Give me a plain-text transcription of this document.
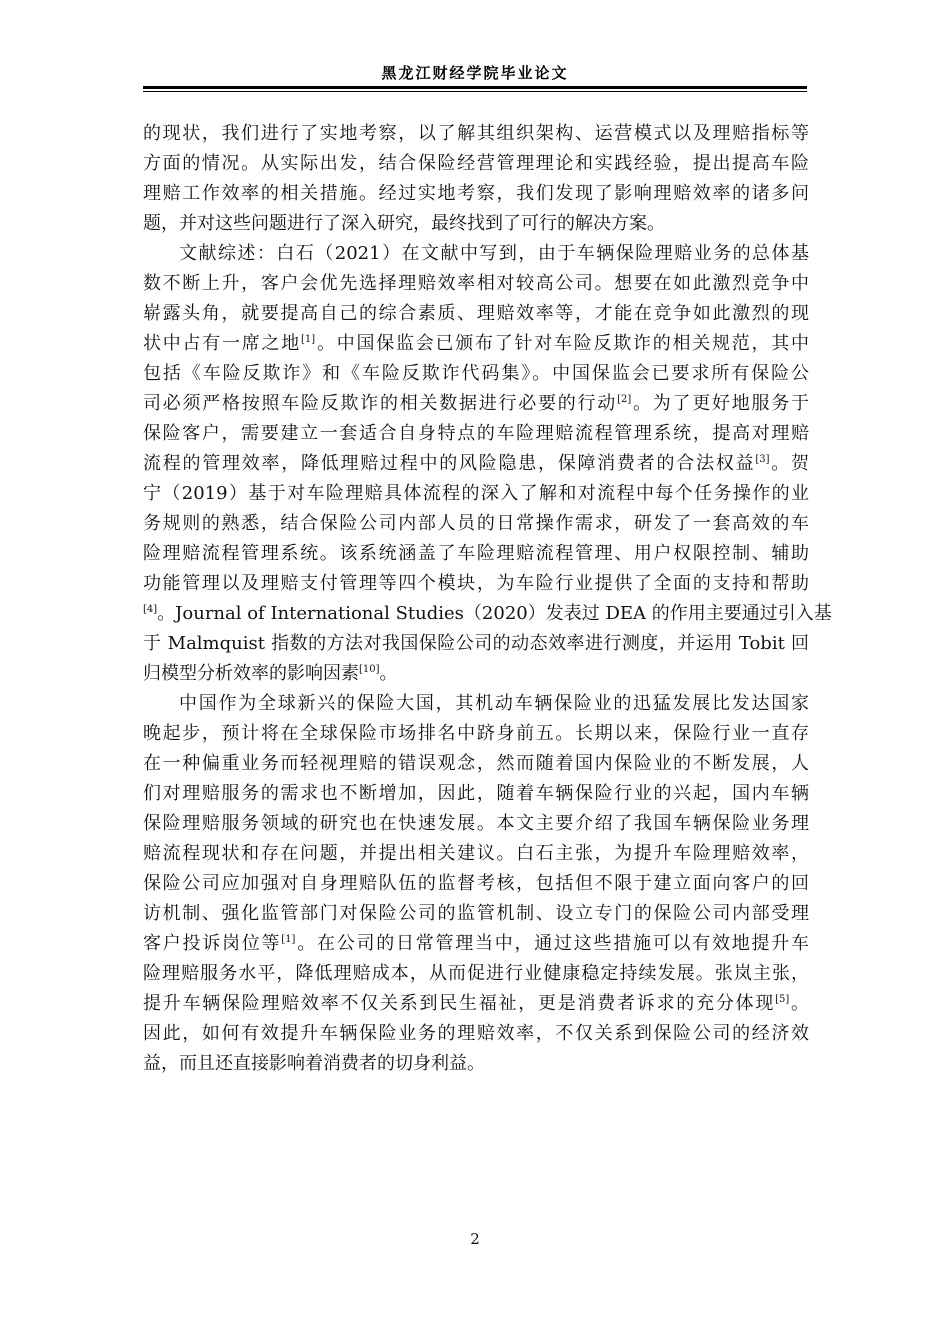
黑龙江财经学院毕业论文
的现状，我们进行了实地考察，以了解其组织架构、运营模式以及理赔指标等
方面的情况。从实际出发，结合保险经营管理理论和实践经验，提出提高车险
理赔工作效率的相关措施。经过实地考察，我们发现了影响理赔效率的诸多问
题，并对这些问题进行了深入研究，最终找到了可行的解决方案。
文献综述：白石（2021）在文献中写到，由于车辆保险理赔业务的总体基
数不断上升，客户会优先选择理赔效率相对较高公司。想要在如此激烈竞争中
崭露头角，就要提高自己的综合素质、理赔效率等，才能在竞争如此激烈的现
状中占有一席之地[1]。中国保监会已颁布了针对车险反欺诈的相关规范，其中
包括《车险反欺诈》和《车险反欺诈代码集》。中国保监会已要求所有保险公
司必须严格按照车险反欺诈的相关数据进行必要的行动[2]。为了更好地服务于
保险客户，需要建立一套适合自身特点的车险理赔流程管理系统，提高对理赔
流程的管理效率，降低理赔过程中的风险隐患，保障消费者的合法权益[3]。贺
宁（2019）基于对车险理赔具体流程的深入了解和对流程中每个任务操作的业
务规则的熟悉，结合保险公司内部人员的日常操作需求，研发了一套高效的车
险理赔流程管理系统。该系统涵盖了车险理赔流程管理、用户权限控制、辅助
功能管理以及理赔支付管理等四个模块，为车险行业提供了全面的支持和帮助
[4]。Journal of International Studies（2020）发表过 DEA 的作用主要通过引入基
于 Malmquist 指数的方法对我国保险公司的动态效率进行测度，并运用 Tobit 回
归模型分析效率的影响因素[10]。
中国作为全球新兴的保险大国，其机动车辆保险业的迅猛发展比发达国家
晚起步，预计将在全球保险市场排名中跻身前五。长期以来，保险行业一直存
在一种偏重业务而轻视理赔的错误观念，然而随着国内保险业的不断发展，人
们对理赔服务的需求也不断增加，因此，随着车辆保险行业的兴起，国内车辆
保险理赔服务领域的研究也在快速发展。本文主要介绍了我国车辆保险业务理
赔流程现状和存在问题，并提出相关建议。白石主张，为提升车险理赔效率，
保险公司应加强对自身理赔队伍的监督考核，包括但不限于建立面向客户的回
访机制、强化监管部门对保险公司的监管机制、设立专门的保险公司内部受理
客户投诉岗位等[1]。在公司的日常管理当中，通过这些措施可以有效地提升车
险理赔服务水平，降低理赔成本，从而促进行业健康稳定持续发展。张岚主张，
提升车辆保险理赔效率不仅关系到民生福祉，更是消费者诉求的充分体现[5]。
因此，如何有效提升车辆保险业务的理赔效率，不仅关系到保险公司的经济效
益，而且还直接影响着消费者的切身利益。
2
